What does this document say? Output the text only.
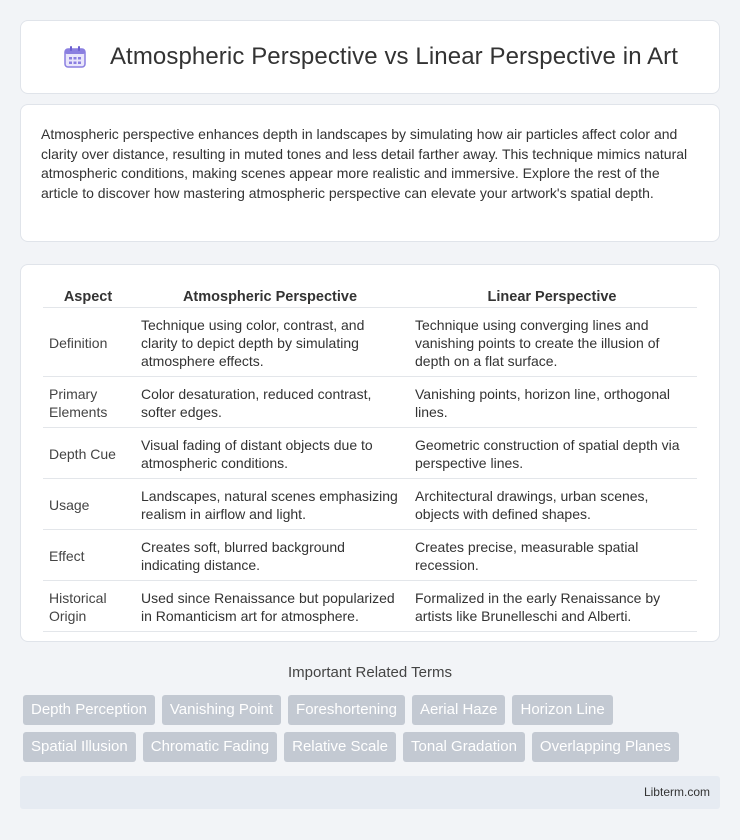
Atmospheric Perspective vs Linear Perspective in Art

Atmospheric perspective enhances depth in landscapes by simulating how air particles affect color and clarity over distance, resulting in muted tones and less detail farther away. This technique mimics natural atmospheric conditions, making scenes appear more realistic and immersive. Explore the rest of the article to discover how mastering atmospheric perspective can elevate your artwork's spatial depth.

Aspect	Atmospheric Perspective	Linear Perspective
Definition	Technique using color, contrast, and clarity to depict depth by simulating atmosphere effects.	Technique using converging lines and vanishing points to create the illusion of depth on a flat surface.
Primary Elements	Color desaturation, reduced contrast, softer edges.	Vanishing points, horizon line, orthogonal lines.
Depth Cue	Visual fading of distant objects due to atmospheric conditions.	Geometric construction of spatial depth via perspective lines.
Usage	Landscapes, natural scenes emphasizing realism in airflow and light.	Architectural drawings, urban scenes, objects with defined shapes.
Effect	Creates soft, blurred background indicating distance.	Creates precise, measurable spatial recession.
Historical Origin	Used since Renaissance but popularized in Romanticism art for atmosphere.	Formalized in the early Renaissance by artists like Brunelleschi and Alberti.
Important Related Terms
Depth Perception	Vanishing Point	Foreshortening	Aerial Haze	Horizon Line
Spatial Illusion	Chromatic Fading	Relative Scale	Tonal Gradation	Overlapping Planes
Libterm.com
